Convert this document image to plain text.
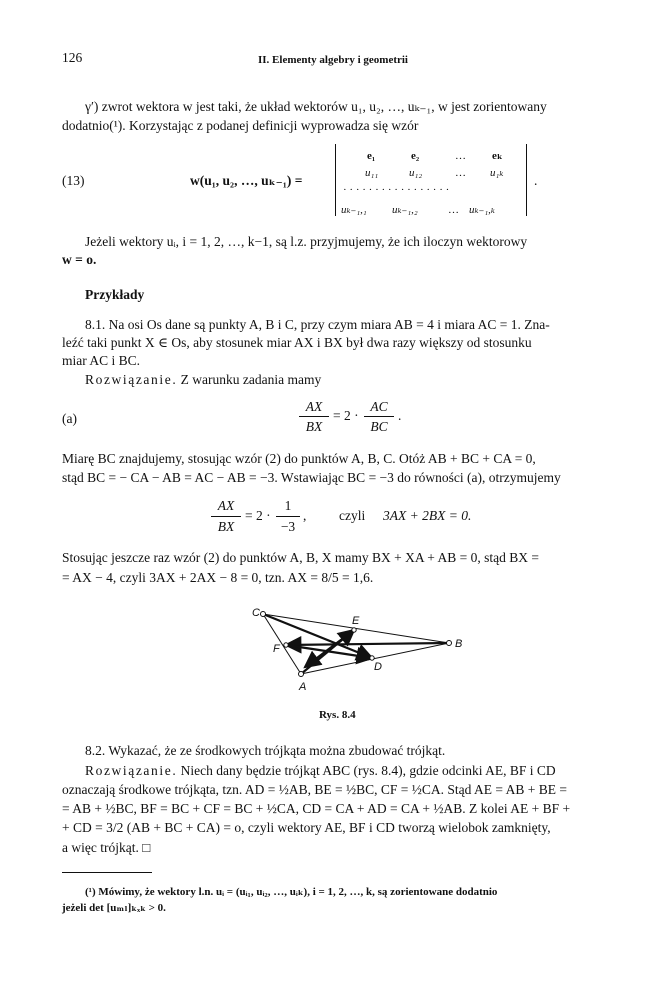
126	II. Elementy algebry i geometrii
γ′) zwrot wektora w jest taki, że układ wektorów u₁, u₂, …, uₖ₋₁, w jest zorientowany
dodatnio(¹). Korzystając z podanej definicji wyprowadza się wzór
(13)	w(u₁, u₂, …, uₖ₋₁) =
e₁	e₂	… eₖ
u₁₁	u₁₂	… u₁ₖ
· · · · · · · · · · · · · · · · ·
uₖ₋₁,₁ uₖ₋₁,₂	… uₖ₋₁,ₖ
.
Jeżeli wektory uᵢ, i = 1, 2, …, k−1, są l.z. przyjmujemy, że ich iloczyn wektorowy
w = o.
Przykłady
8.1. Na osi Os dane są punkty A, B i C, przy czym miara AB = 4 i miara AC = 1. Zna-
leźć taki punkt X ∈ Os, aby stosunek miar AX i BX był dwa razy większy od stosunku
miar AC i BC.
Rozwiązanie. Z warunku zadania mamy
(a)
AX
BX
= 2 ·
AC
BC
.
Miarę BC znajdujemy, stosując wzór (2) do punktów A, B, C. Otóż AB + BC + CA = 0,
stąd BC = − CA − AB = AC − AB = −3. Wstawiając BC = −3 do równości (a), otrzymujemy
AX
BX
= 2 ·
1
−3
, czyli 3AX + 2BX = 0.
Stosując jeszcze raz wzór (2) do punktów A, B, X mamy BX + XA + AB = 0, stąd BX =
= AX − 4, czyli 3AX + 2AX − 8 = 0, tzn. AX = 8/5 = 1,6.
C
E
F	B
D
A
Rys. 8.4
8.2. Wykazać, że ze środkowych trójkąta można zbudować trójkąt.
Rozwiązanie. Niech dany będzie trójkąt ABC (rys. 8.4), gdzie odcinki AE, BF i CD
oznaczają środkowe trójkąta, tzn. AD = ½AB, BE = ½BC, CF = ½CA. Stąd AE = AB + BE =
= AB + ½BC, BF = BC + CF = BC + ½CA, CD = CA + AD = CA + ½AB. Z kolei AE + BF +
+ CD = 3/2 (AB + BC + CA) = o, czyli wektory AE, BF i CD tworzą wielobok zamknięty,
a więc trójkąt. □
(¹) Mówimy, że wektory l.n. uᵢ = (uᵢ₁, uᵢ₂, …, uᵢₖ), i = 1, 2, …, k, są zorientowane dodatnio
jeżeli det [uₘₗ]ₖₓₖ > 0.
